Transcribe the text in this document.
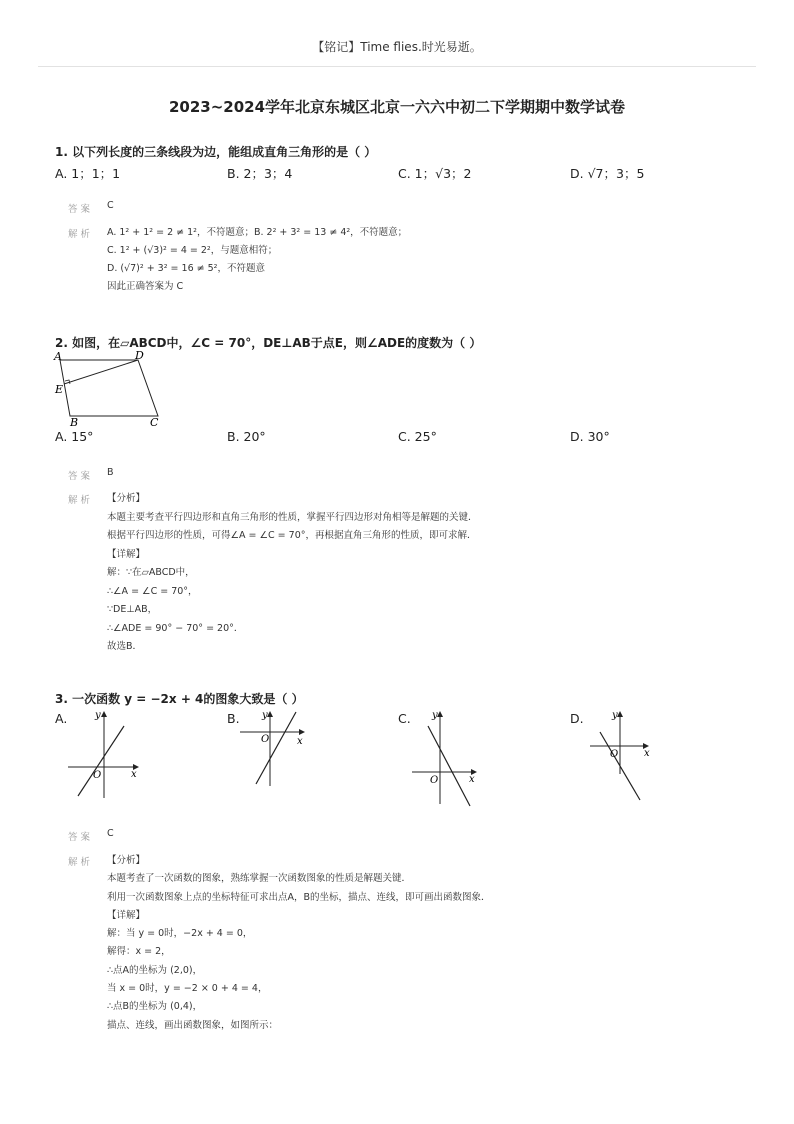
【铭记】Time flies.时光易逝。
2023~2024学年北京东城区北京一六六中初二下学期期中数学试卷
1. 以下列长度的三条线段为边，能组成直角三角形的是（ ）
A. 1；1；1	B. 2；3；4	C. 1；√3；2	D. √7；3；5
答案 C
解析 A. 1² + 1² = 2 ≠ 1²，不符题意；B. 2² + 3² = 13 ≠ 4²，不符题意；
C. 1² + (√3)² = 4 = 2²，与题意相符；
D. (√7)² + 3² = 16 ≠ 5²，不符题意
因此正确答案为 C
2. 如图，在▱ABCD中，∠C = 70°，DE⊥AB于点E，则∠ADE的度数为（ ）
A	D
E
B	C
A. 15°	B. 20°	C. 25°	D. 30°
答案 B
解析 【分析】
本题主要考查平行四边形和直角三角形的性质，掌握平行四边形对角相等是解题的关键．
根据平行四边形的性质，可得∠A = ∠C = 70°，再根据直角三角形的性质，即可求解．
【详解】
解：∵在▱ABCD中，
∴∠A = ∠C = 70°，
∵DE⊥AB，
∴∠ADE = 90° − 70° = 20°．
故选B．
3. 一次函数 y = −2x + 4的图象大致是（ ）
A.	B.	C.	D.
O	x
y
O	x
y
O	x
y
O	x
y
答案 C
解析 【分析】
本题考查了一次函数的图象，熟练掌握一次函数图象的性质是解题关键．
利用一次函数图象上点的坐标特征可求出点A，B的坐标，描点、连线，即可画出函数图象．
【详解】
解：当 y = 0时，−2x + 4 = 0，
解得：x = 2，
∴点A的坐标为 (2,0)，
当 x = 0时，y = −2 × 0 + 4 = 4，
∴点B的坐标为 (0,4)，
描点、连线，画出函数图象，如图所示：
